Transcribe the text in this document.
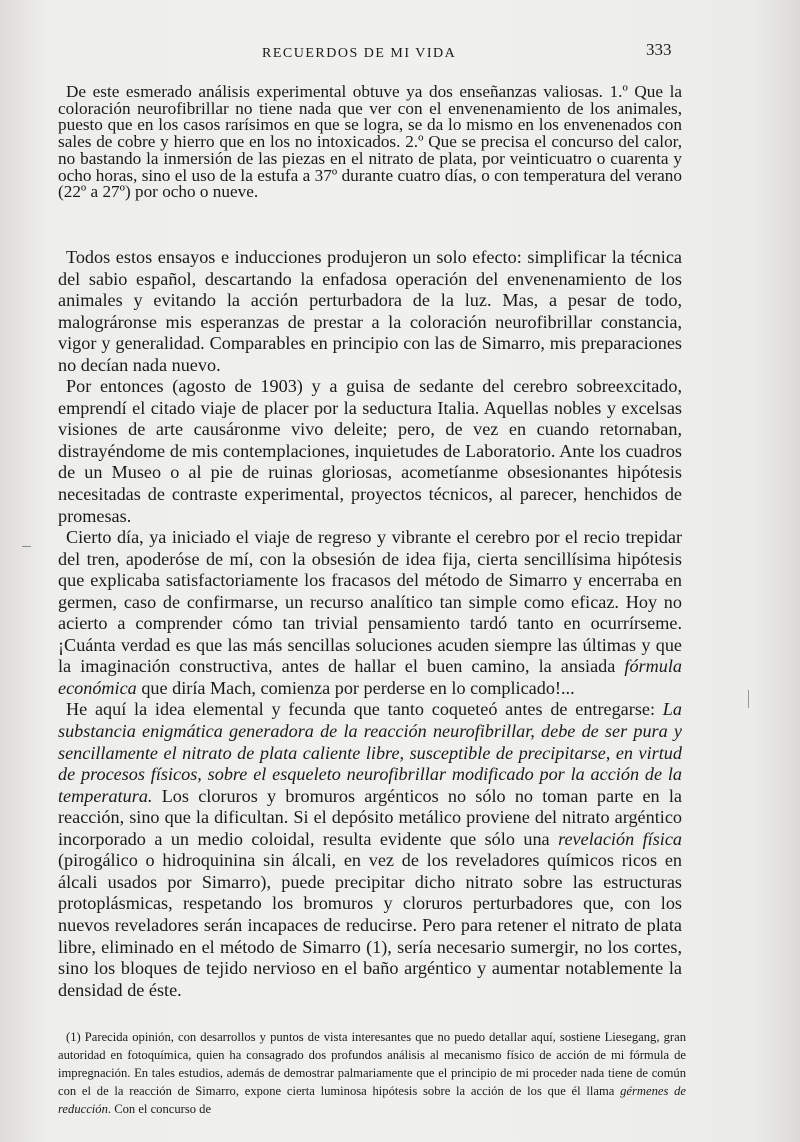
RECUERDOS DE MI VIDA	333

De este esmerado análisis experimental obtuve ya dos enseñanzas valiosas. 1.º Que la coloración neurofibrillar no tiene nada que ver con el envenenamiento de los animales, puesto que en los casos rarísimos en que se logra, se da lo mismo en los envenenados con sales de cobre y hierro que en los no intoxicados. 2.º Que se precisa el concurso del calor, no bastando la inmersión de las piezas en el nitrato de plata, por veinticuatro o cuarenta y ocho horas, sino el uso de la estufa a 37º durante cuatro días, o con temperatura del verano (22º a 27º) por ocho o nueve.

Todos estos ensayos e inducciones produjeron un solo efecto: simplificar la técnica del sabio español, descartando la enfadosa operación del envenenamiento de los animales y evitando la acción perturbadora de la luz. Mas, a pesar de todo, malográronse mis esperanzas de prestar a la coloración neurofibrillar constancia, vigor y generalidad. Comparables en principio con las de Simarro, mis preparaciones no decían nada nuevo.

Por entonces (agosto de 1903) y a guisa de sedante del cerebro sobreexcitado, emprendí el citado viaje de placer por la seductura Italia. Aquellas nobles y excelsas visiones de arte causáronme vivo deleite; pero, de vez en cuando retornaban, distrayéndome de mis contemplaciones, inquietudes de Laboratorio. Ante los cuadros de un Museo o al pie de ruinas gloriosas, acometíanme obsesionantes hipótesis necesitadas de contraste experimental, proyectos técnicos, al parecer, henchidos de promesas.

Cierto día, ya iniciado el viaje de regreso y vibrante el cerebro por el recio trepidar del tren, apoderóse de mí, con la obsesión de idea fija, cierta sencillísima hipótesis que explicaba satisfactoriamente los fracasos del método de Simarro y encerraba en germen, caso de confirmarse, un recurso analítico tan simple como eficaz. Hoy no acierto a comprender cómo tan trivial pensamiento tardó tanto en ocurrírseme. ¡Cuánta verdad es que las más sencillas soluciones acuden siempre las últimas y que la imaginación constructiva, antes de hallar el buen camino, la ansiada fórmula económica que diría Mach, comienza por perderse en lo complicado!...

He aquí la idea elemental y fecunda que tanto coqueteó antes de entregarse: La substancia enigmática generadora de la reacción neurofibrillar, debe de ser pura y sencillamente el nitrato de plata caliente libre, susceptible de precipitarse, en virtud de procesos físicos, sobre el esqueleto neurofibrillar modificado por la acción de la temperatura. Los cloruros y bromuros argénticos no sólo no toman parte en la reacción, sino que la dificultan. Si el depósito metálico proviene del nitrato argéntico incorporado a un medio coloidal, resulta evidente que sólo una revelación física (pirogálico o hidroquinina sin álcali, en vez de los reveladores químicos ricos en álcali usados por Simarro), puede precipitar dicho nitrato sobre las estructuras protoplásmicas, respetando los bromuros y cloruros perturbadores que, con los nuevos reveladores serán incapaces de reducirse. Pero para retener el nitrato de plata libre, eliminado en el método de Simarro (1), sería necesario sumergir, no los cortes, sino los bloques de tejido nervioso en el baño argéntico y aumentar notablemente la densidad de éste.

(1) Parecida opinión, con desarrollos y puntos de vista interesantes que no puedo detallar aquí, sostiene Liesegang, gran autoridad en fotoquímica, quien ha consagrado dos profundos análisis al mecanismo físico de acción de mi fórmula de impregnación. En tales estudios, además de demostrar palmariamente que el principio de mi proceder nada tiene de común con el de la reacción de Simarro, expone cierta luminosa hipótesis sobre la acción de los que él llama gérmenes de reducción. Con el concurso de
